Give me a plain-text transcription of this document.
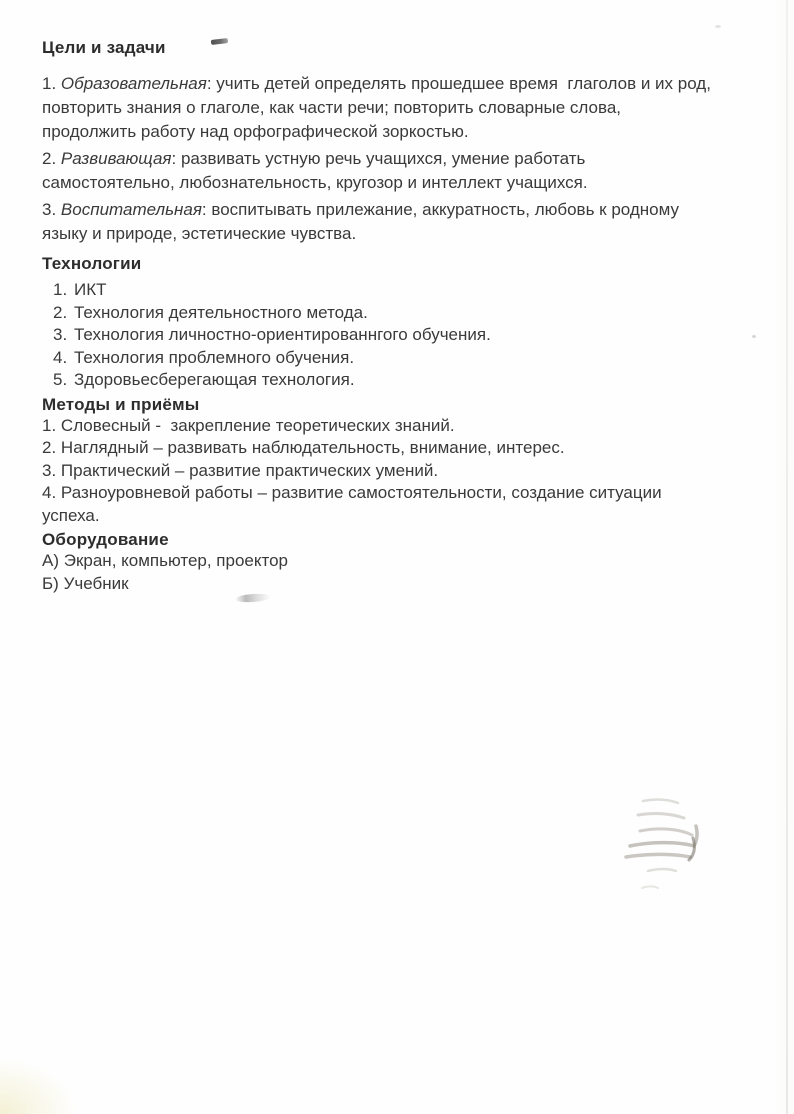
Цели и задачи

1. Образовательная: учить детей определять прошедшее время  глаголов и их род, повторить знания о глаголе, как части речи; повторить словарные слова, продолжить работу над орфографической зоркостью.

2. Развивающая: развивать устную речь учащихся, умение работать самостоятельно, любознательность, кругозор и интеллект учащихся.

3. Воспитательная: воспитывать прилежание, аккуратность, любовь к родному языку и природе, эстетические чувства.

Технологии
1. ИКТ
2. Технология деятельностного метода.
3. Технология личностно-ориентированнгого обучения.
4. Технология проблемного обучения.
5. Здоровьесберегающая технология.
Методы и приёмы
1. Словесный -  закрепление теоретических знаний.
2. Наглядный – развивать наблюдательность, внимание, интерес.
3. Практический – развитие практических умений.
4. Разноуровневой работы – развитие самостоятельности, создание ситуации успеха.
Оборудование
А) Экран, компьютер, проектор
Б) Учебник
